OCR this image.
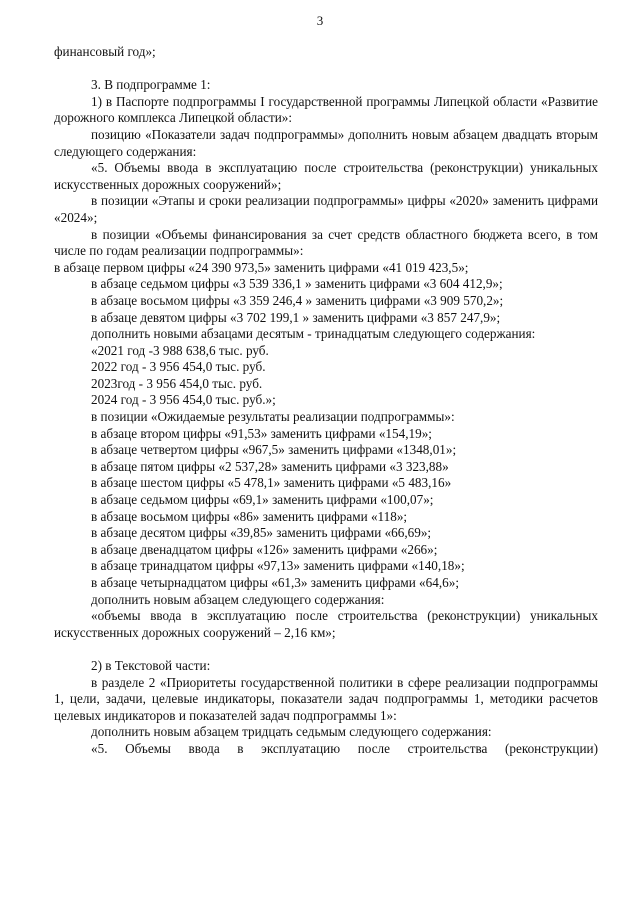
3

финансовый год»;

3. В подпрограмме 1:

1) в Паспорте подпрограммы I государственной программы Липецкой области «Развитие дорожного комплекса Липецкой области»:

позицию «Показатели задач подпрограммы» дополнить новым абзацем двадцать вторым следующего содержания:

«5. Объемы ввода в эксплуатацию после строительства (реконструкции) уникальных искусственных дорожных сооружений»;

в позиции «Этапы и сроки реализации подпрограммы» цифры «2020» заменить цифрами «2024»;

в позиции «Объемы финансирования за счет средств областного бюджета всего, в том числе по годам реализации подпрограммы»:

в абзаце первом цифры «24 390 973,5» заменить цифрами «41 019 423,5»;

в абзаце седьмом цифры «3 539 336,1 » заменить цифрами «3 604 412,9»;

в абзаце восьмом цифры «3 359 246,4 » заменить цифрами «3 909 570,2»;

в абзаце девятом цифры «3 702 199,1 » заменить цифрами «3 857 247,9»;

дополнить новыми абзацами десятым - тринадцатым следующего содержания:

«2021 год -3 988 638,6 тыс. руб.

2022 год - 3 956 454,0 тыс. руб.

2023год - 3 956 454,0 тыс. руб.

2024 год - 3 956 454,0 тыс. руб.»;

в позиции «Ожидаемые результаты реализации подпрограммы»:

в абзаце втором цифры «91,53» заменить цифрами «154,19»;

в абзаце четвертом цифры «967,5» заменить цифрами «1348,01»;

в абзаце пятом цифры «2 537,28» заменить цифрами «3 323,88»

в абзаце шестом цифры «5 478,1» заменить цифрами «5 483,16»

в абзаце седьмом цифры «69,1» заменить цифрами «100,07»;

в абзаце восьмом цифры «86» заменить цифрами «118»;

в абзаце десятом цифры «39,85» заменить цифрами «66,69»;

в абзаце двенадцатом цифры «126» заменить цифрами «266»;

в абзаце тринадцатом цифры «97,13» заменить цифрами «140,18»;

в абзаце четырнадцатом цифры «61,3» заменить цифрами «64,6»;

дополнить новым абзацем следующего содержания:

«объемы ввода в эксплуатацию после строительства (реконструкции) уникальных искусственных дорожных сооружений – 2,16 км»;

2) в Текстовой части:

в разделе 2 «Приоритеты государственной политики в сфере реализации подпрограммы 1, цели, задачи, целевые индикаторы, показатели задач подпрограммы 1, методики расчетов целевых индикаторов и показателей задач подпрограммы 1»:

дополнить новым абзацем тридцать седьмым следующего содержания:

«5. Объемы ввода в эксплуатацию после строительства (реконструкции)
